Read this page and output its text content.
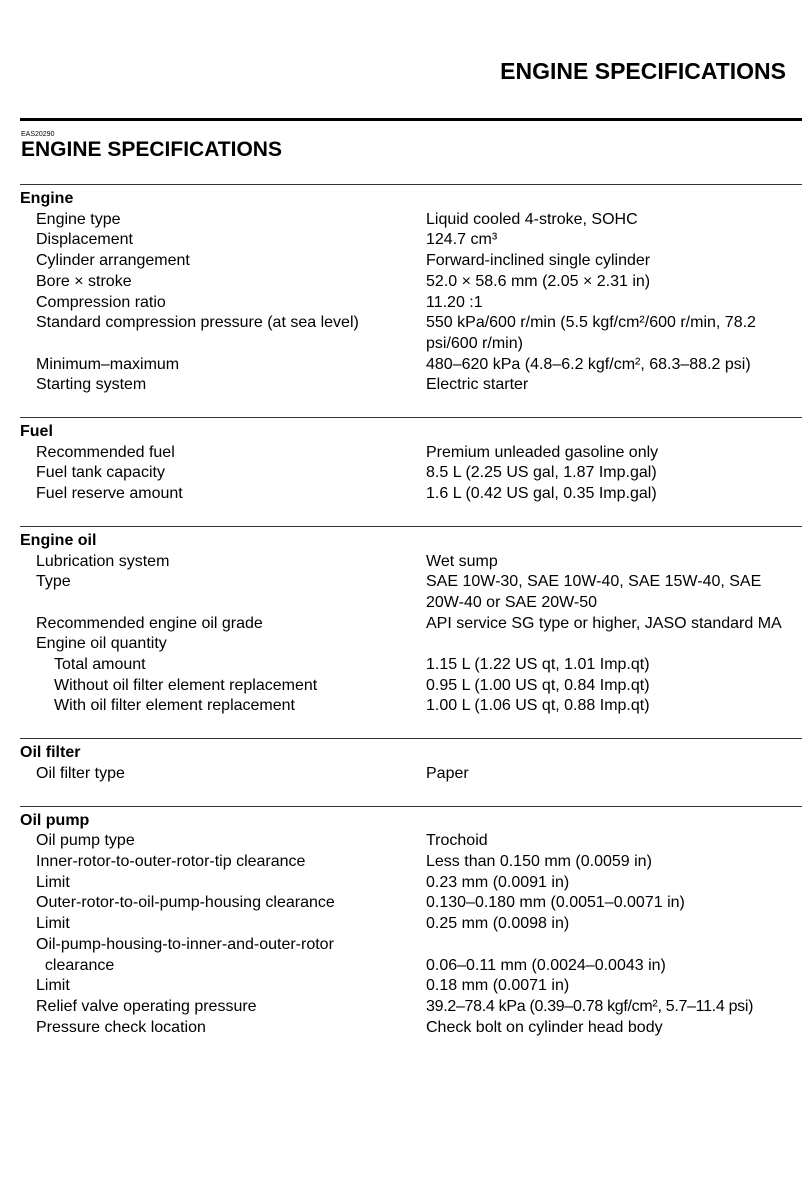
ENGINE SPECIFICATIONS
EAS20290
ENGINE SPECIFICATIONS
Engine
Engine type	Liquid cooled 4-stroke, SOHC
Displacement	124.7 cm³
Cylinder arrangement	Forward-inclined single cylinder
Bore × stroke	52.0 × 58.6 mm (2.05 × 2.31 in)
Compression ratio	11.20 :1
Standard compression pressure (at sea level)	550 kPa/600 r/min (5.5 kgf/cm²/600 r/min, 78.2 psi/600 r/min)
Minimum–maximum	480–620 kPa (4.8–6.2 kgf/cm², 68.3–88.2 psi)
Starting system	Electric starter
Fuel
Recommended fuel	Premium unleaded gasoline only
Fuel tank capacity	8.5 L (2.25 US gal, 1.87 Imp.gal)
Fuel reserve amount	1.6 L (0.42 US gal, 0.35 Imp.gal)
Engine oil
Lubrication system	Wet sump
Type	SAE 10W-30, SAE 10W-40, SAE 15W-40, SAE 20W-40 or SAE 20W-50
Recommended engine oil grade	API service SG type or higher, JASO standard MA
Engine oil quantity
Total amount	1.15 L (1.22 US qt, 1.01 Imp.qt)
Without oil filter element replacement	0.95 L (1.00 US qt, 0.84 Imp.qt)
With oil filter element replacement	1.00 L (1.06 US qt, 0.88 Imp.qt)
Oil filter
Oil filter type	Paper
Oil pump
Oil pump type	Trochoid
Inner-rotor-to-outer-rotor-tip clearance	Less than 0.150 mm (0.0059 in)
Limit	0.23 mm (0.0091 in)
Outer-rotor-to-oil-pump-housing clearance	0.130–0.180 mm (0.0051–0.0071 in)
Limit	0.25 mm (0.0098 in)
Oil-pump-housing-to-inner-and-outer-rotor
clearance	0.06–0.11 mm (0.0024–0.0043 in)
Limit	0.18 mm (0.0071 in)
Relief valve operating pressure	39.2–78.4 kPa (0.39–0.78 kgf/cm², 5.7–11.4 psi)
Pressure check location	Check bolt on cylinder head body
